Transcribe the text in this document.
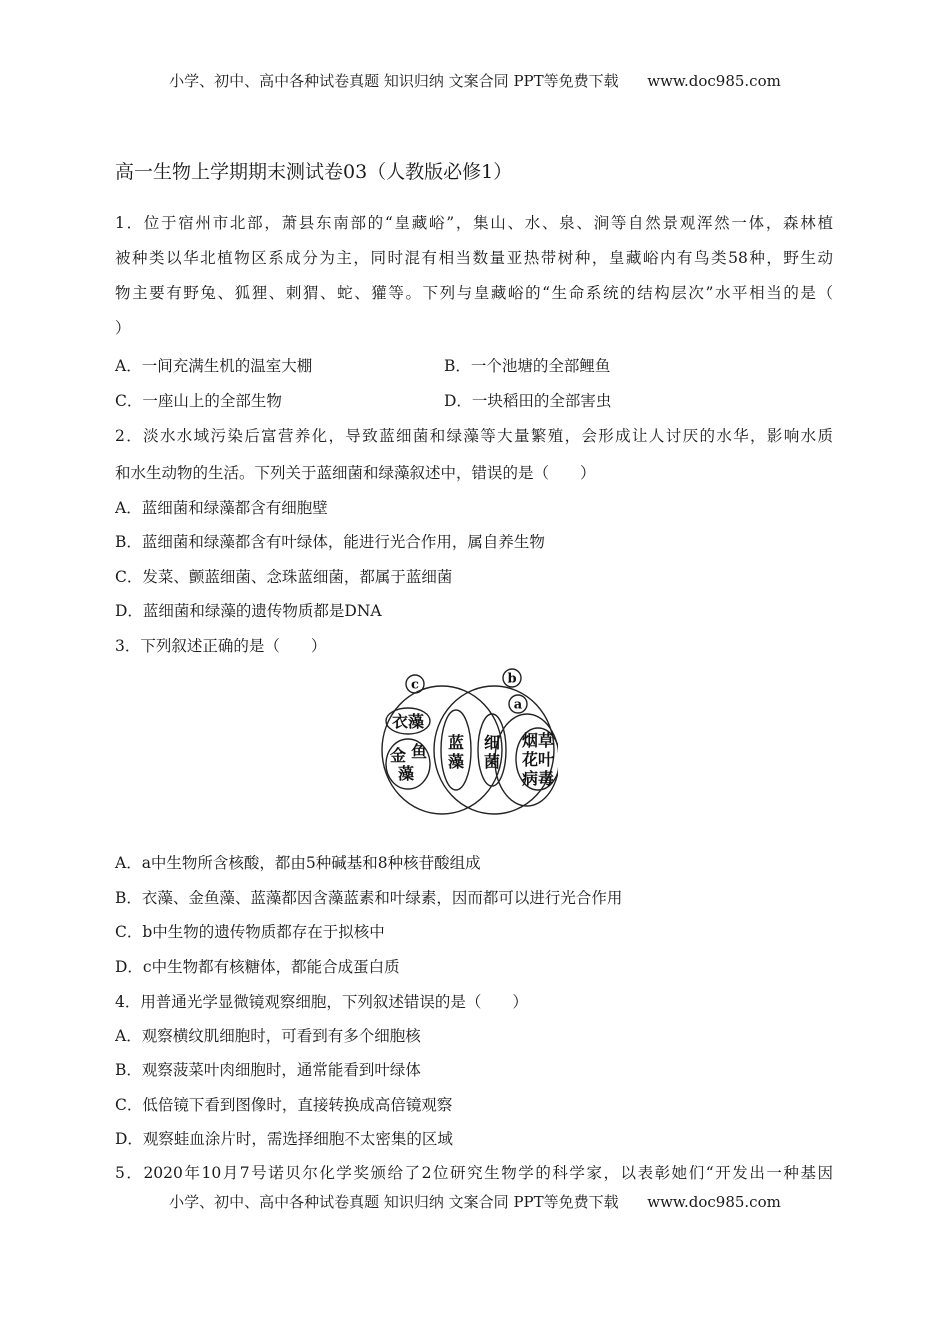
小学、初中、高中各种试卷真题 知识归纳 文案合同 PPT等免费下载      www.doc985.com
高一生物上学期期末测试卷03（人教版必修1）
1．位于宿州市北部，萧县东南部的“皇藏峪”，集山、水、泉、涧等自然景观浑然一体，森林植
被种类以华北植物区系成分为主，同时混有相当数量亚热带树种，皇藏峪内有鸟类58种，野生动
物主要有野兔、狐狸、刺猬、蛇、獾等。下列与皇藏峪的“生命系统的结构层次”水平相当的是（
）
A．一间充满生机的温室大棚	B．一个池塘的全部鲤鱼
C．一座山上的全部生物	D．一块稻田的全部害虫
2．淡水水域污染后富营养化，导致蓝细菌和绿藻等大量繁殖，会形成让人讨厌的水华，影响水质
和水生动物的生活。下列关于蓝细菌和绿藻叙述中，错误的是（　　）
A．蓝细菌和绿藻都含有细胞壁
B．蓝细菌和绿藻都含有叶绿体，能进行光合作用，属自养生物
C．发菜、颤蓝细菌、念珠蓝细菌，都属于蓝细菌
D．蓝细菌和绿藻的遗传物质都是DNA
3．下列叙述正确的是（　　）
c	b
a
衣藻
金 鱼
藻
蓝
藻
细
菌
烟草
花叶
病毒
A．a中生物所含核酸，都由5种碱基和8种核苷酸组成
B．衣藻、金鱼藻、蓝藻都因含藻蓝素和叶绿素，因而都可以进行光合作用
C．b中生物的遗传物质都存在于拟核中
D．c中生物都有核糖体，都能合成蛋白质
4．用普通光学显微镜观察细胞，下列叙述错误的是（　　）
A．观察横纹肌细胞时，可看到有多个细胞核
B．观察菠菜叶肉细胞时，通常能看到叶绿体
C．低倍镜下看到图像时，直接转换成高倍镜观察
D．观察蛙血涂片时，需选择细胞不太密集的区域
5．2020年10月7号诺贝尔化学奖颁给了2位研究生物学的科学家，以表彰她们“开发出一种基因
小学、初中、高中各种试卷真题 知识归纳 文案合同 PPT等免费下载      www.doc985.com
